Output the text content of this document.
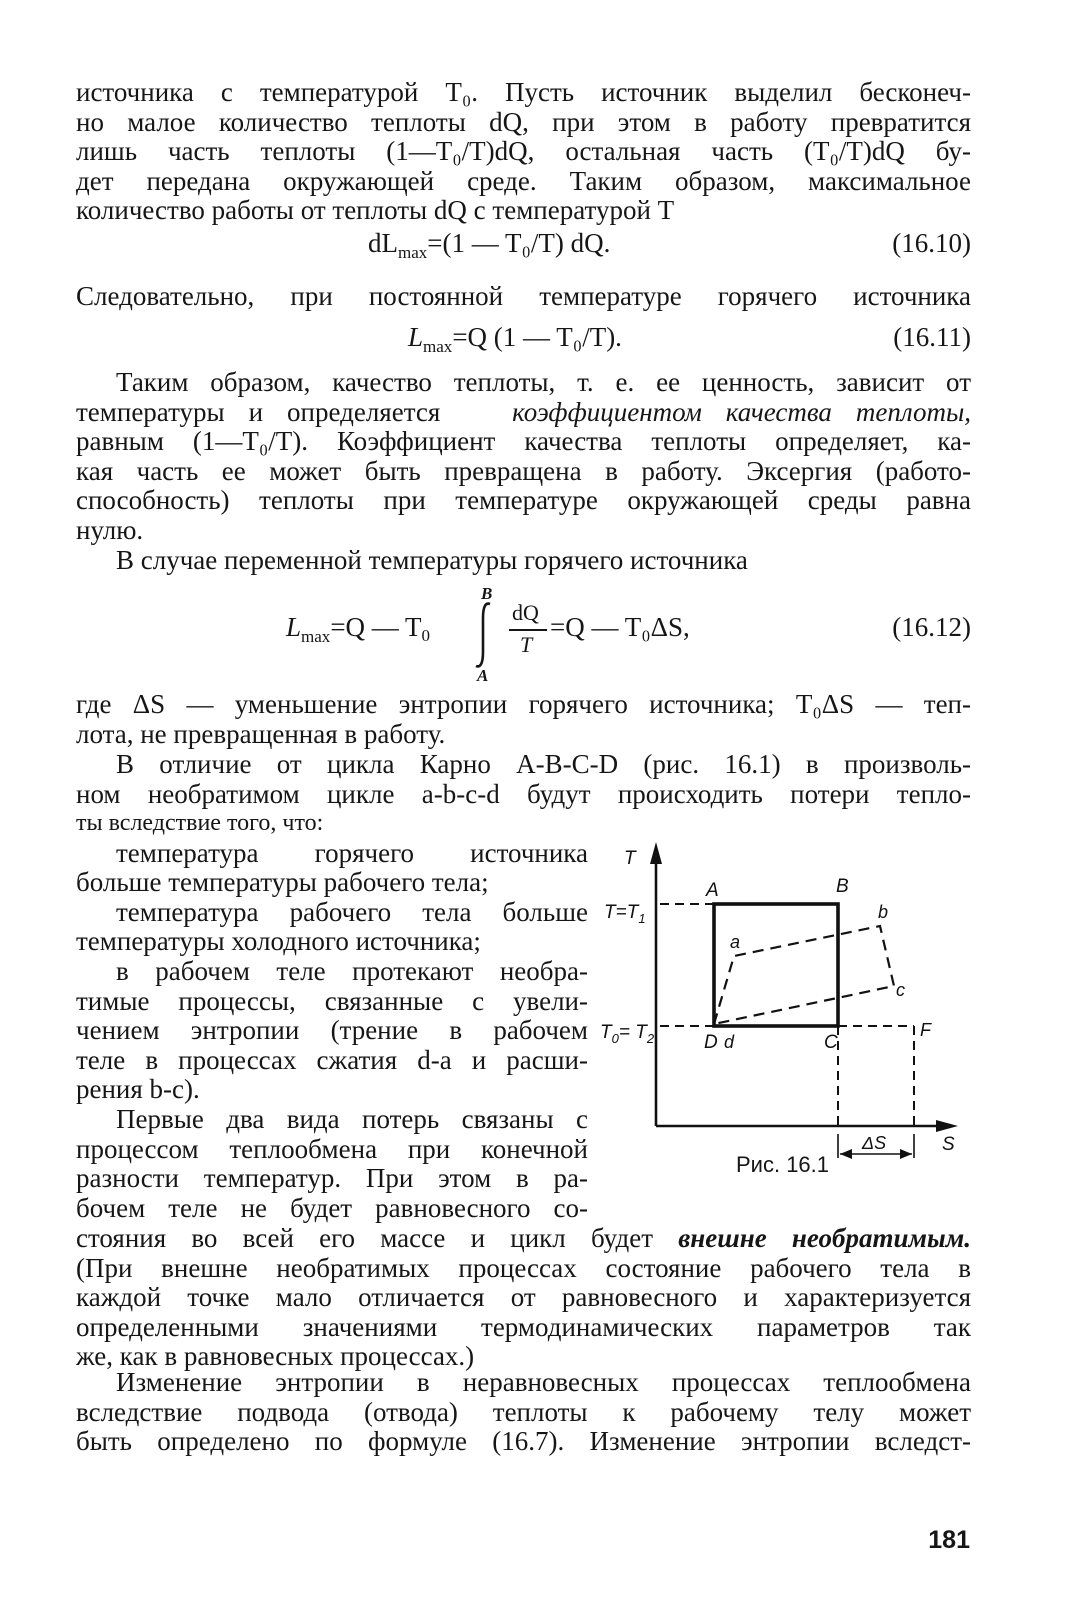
источника с температурой T₀. Пусть источник выделил бесконеч-
но малое количество теплоты dQ, при этом в работу превратится
лишь часть теплоты (1—T₀/T)dQ, остальная часть (T₀/T)dQ бу-
дет передана окружающей среде. Таким образом, максимальное
количество работы от теплоты dQ с температурой T
$dL_{max}=(1$ — T₀/T) dQ.	(16.10)
Следовательно, при постоянной температуре горячего источника
$L_{max}=Q$ (1 — T₀/T).	(16.11)
Таким образом, качество теплоты, т. е. ее ценность, зависит от
температуры и определяется	коэффициентом качества теплоты,
равным (1—T₀/T). Коэффициент качества теплоты определяет, ка-
кая часть ее может быть превращена в работу. Эксергия (работо-
способность) теплоты при температуре окружающей среды равна
нулю.
В случае переменной температуры горячего источника
$L_{max}=Q$ — T0
B
A
dQ
T
=Q — T₀ΔS,	(16.12)
где ΔS — уменьшение энтропии горячего источника; T₀ΔS — теп-
лота, не превращенная в работу.
В отличие от цикла Карно A-B-C-D (рис. 16.1) в произволь-
ном необратимом цикле a-b-c-d будут происходить потери тепло-
ты вследствие того, что:
температура горячего источника
больше температуры рабочего тела;
температура рабочего тела больше
температуры холодного источника;
в рабочем теле протекают необра-
тимые процессы, связанные с увели-
чением энтропии (трение в рабочем
теле в процессах сжатия d-a и расши-
рения b-c).
Первые два вида потерь связаны с
процессом теплообмена при конечной
разности температур. При этом в ра-
бочем теле не будет равновесного со-
T
S
$T=T_1$
$T_0= T_2$
A	B
C
D
a
b
c
d
F
ΔS
Рис. 16.1
стояния во всей его массе и цикл будет внешне необратимым.
(При внешне необратимых процессах состояние рабочего тела в
каждой точке мало отличается от равновесного и характеризуется
определенными значениями термодинамических параметров так
же, как в равновесных процессах.)
Изменение энтропии в неравновесных процессах теплообмена
вследствие подвода (отвода) теплоты к рабочему телу может
быть определено по формуле (16.7). Изменение энтропии вследст-
181
